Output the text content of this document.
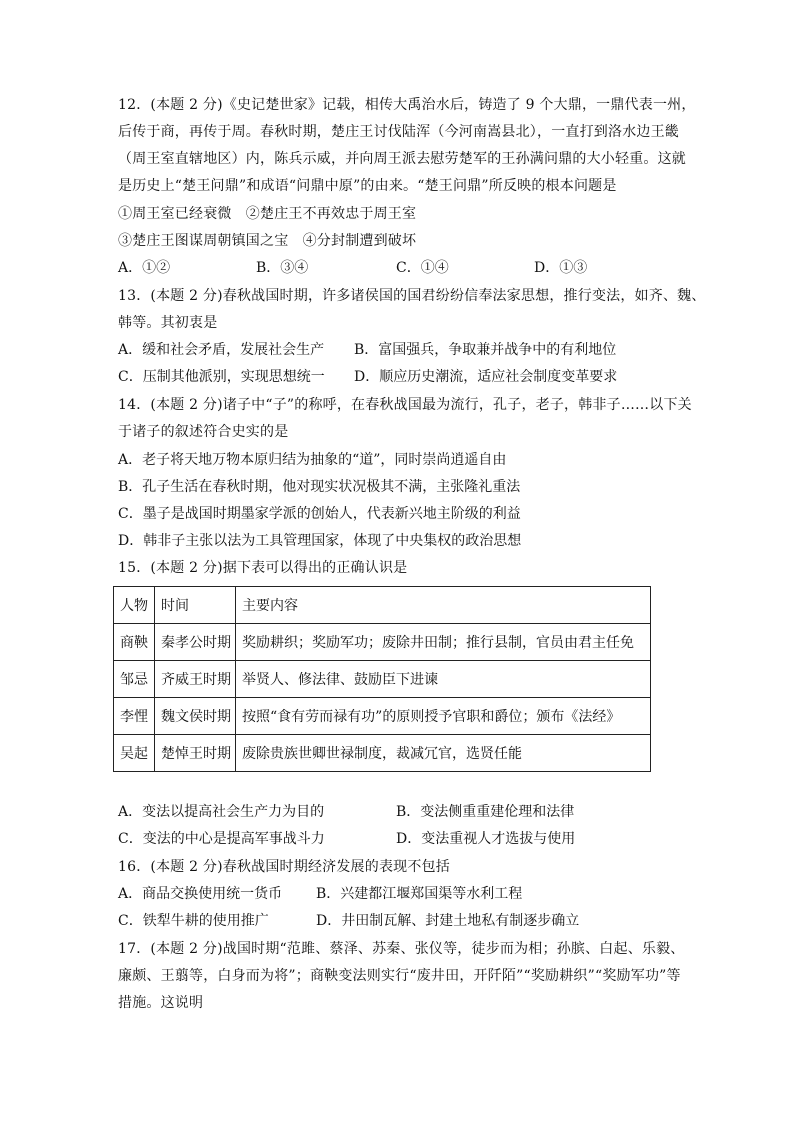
12．(本题 2 分)《史记楚世家》记载，相传大禹治水后，铸造了 9 个大鼎，一鼎代表一州，
后传于商，再传于周。春秋时期，楚庄王讨伐陆浑（今河南嵩县北），一直打到洛水边王畿
（周王室直辖地区）内，陈兵示威，并向周王派去慰劳楚军的王孙满问鼎的大小轻重。这就
是历史上“楚王问鼎”和成语“问鼎中原”的由来。“楚王问鼎”所反映的根本问题是
①周王室已经衰微　②楚庄王不再效忠于周王室
③楚庄王图谋周朝镇国之宝　④分封制遭到破坏
A．①②	B．③④	C．①④	D．①③
13．(本题 2 分)春秋战国时期，许多诸侯国的国君纷纷信奉法家思想，推行变法，如齐、魏、
韩等。其初衷是
A．缓和社会矛盾，发展社会生产 B．富国强兵，争取兼并战争中的有利地位
C．压制其他派别，实现思想统一 D．顺应历史潮流，适应社会制度变革要求
14．(本题 2 分)诸子中“子”的称呼，在春秋战国最为流行，孔子，老子，韩非子……以下关
于诸子的叙述符合史实的是
A．老子将天地万物本原归结为抽象的“道”，同时崇尚逍遥自由
B．孔子生活在春秋时期，他对现实状况极其不满，主张隆礼重法
C．墨子是战国时期墨家学派的创始人，代表新兴地主阶级的利益
D．韩非子主张以法为工具管理国家，体现了中央集权的政治思想
15．(本题 2 分)据下表可以得出的正确认识是
人物	时间	主要内容
商鞅	秦孝公时期	奖励耕织；奖励军功；废除井田制；推行县制，官员由君主任免
邹忌	齐威王时期	举贤人、修法律、鼓励臣下进谏
李悝	魏文侯时期	按照“食有劳而禄有功”的原则授予官职和爵位；颁布《法经》
吴起	楚悼王时期	废除贵族世卿世禄制度，裁减冗官，选贤任能
A．变法以提高社会生产力为目的	B．变法侧重重建伦理和法律
C．变法的中心是提高军事战斗力	D．变法重视人才选拔与使用
16．(本题 2 分)春秋战国时期经济发展的表现不包括
A．商品交换使用统一货币 B．兴建都江堰郑国渠等水利工程
C．铁犁牛耕的使用推广	D．井田制瓦解、封建土地私有制逐步确立
17．(本题 2 分)战国时期“范雎、蔡泽、苏秦、张仪等，徒步而为相；孙膑、白起、乐毅、
廉颇、王翦等，白身而为将”；商鞅变法则实行“废井田，开阡陌”“奖励耕织”“奖励军功”等
措施。这说明
